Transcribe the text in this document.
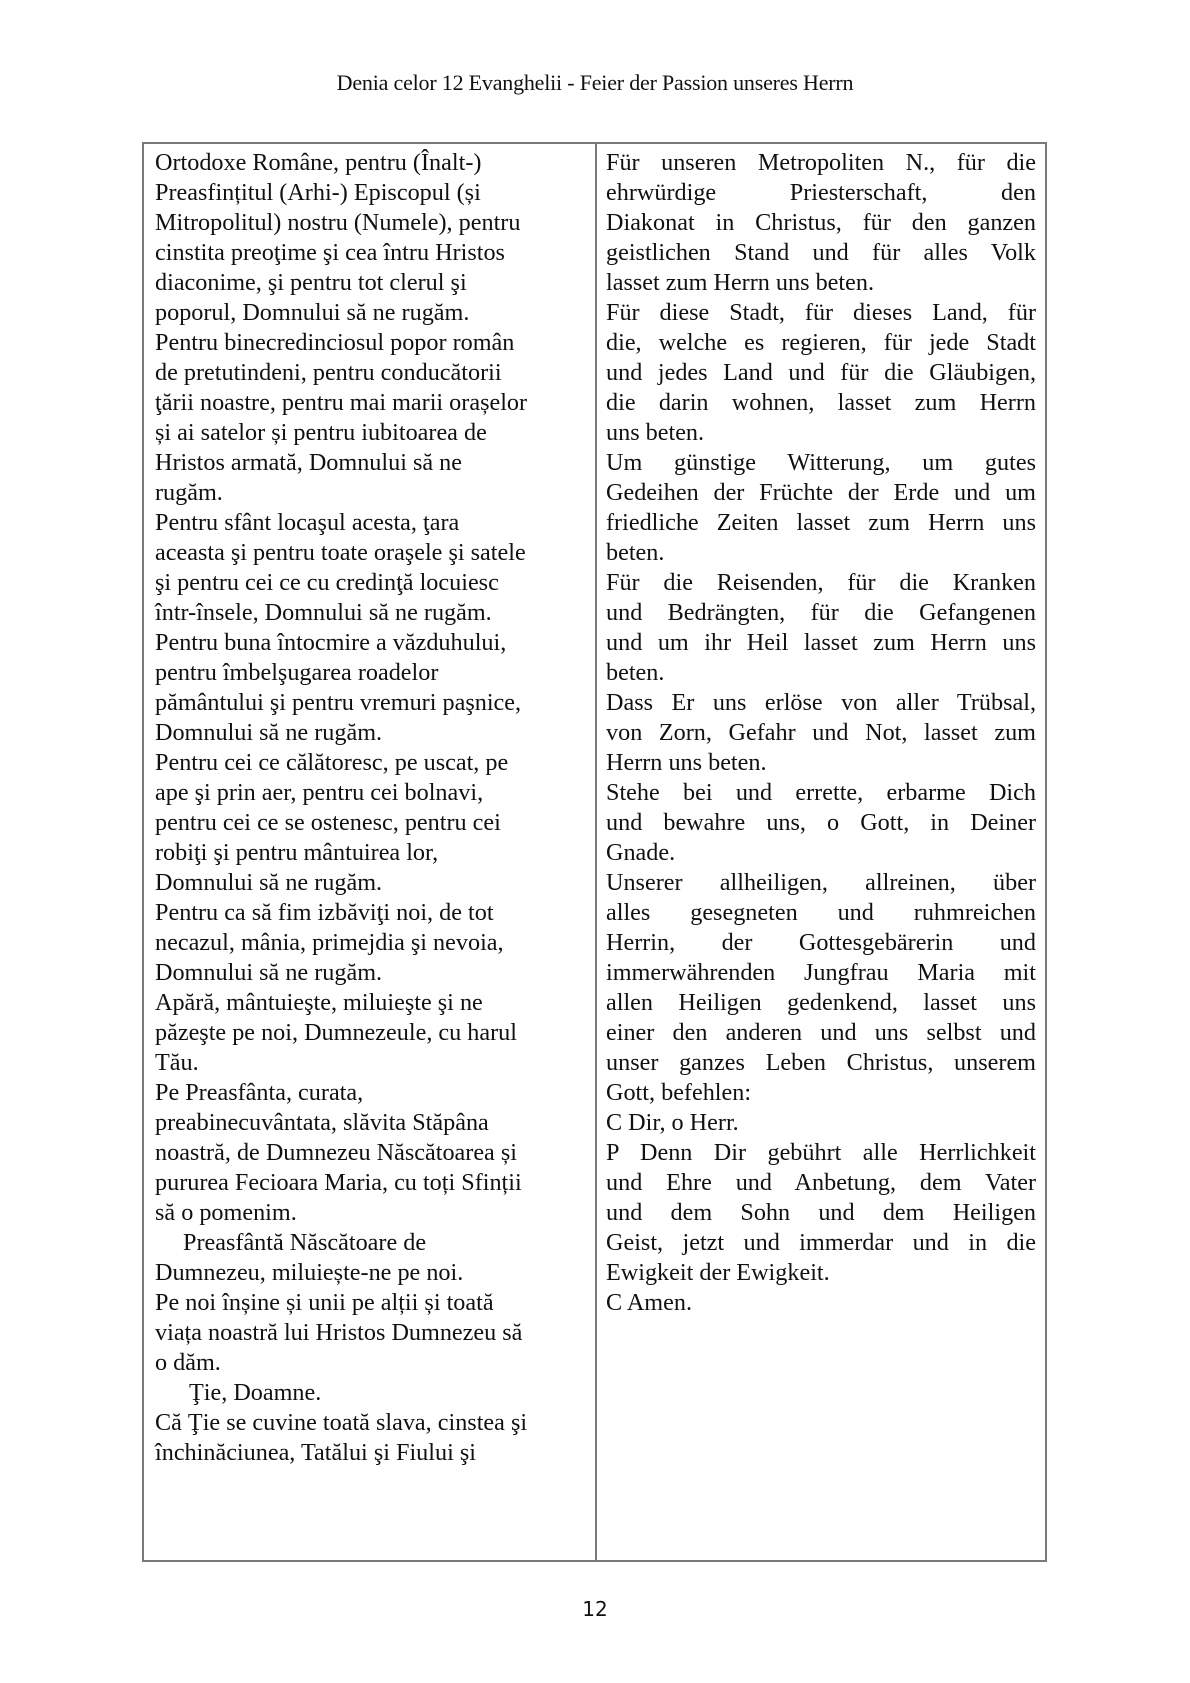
Denia celor 12 Evanghelii - Feier der Passion unseres Herrn
Ortodoxe Române, pentru (Înalt-)
Preasfințitul (Arhi-) Episcopul (și
Mitropolitul) nostru (Numele), pentru
cinstita preoţime şi cea întru Hristos
diaconime, şi pentru tot clerul şi
poporul, Domnului să ne rugăm.
Pentru binecredinciosul popor român
de pretutindeni, pentru conducătorii
ţării noastre, pentru mai marii orașelor
și ai satelor și pentru iubitoarea de
Hristos armată, Domnului să ne
rugăm.
Pentru sfânt locaşul acesta, ţara
aceasta şi pentru toate oraşele şi satele
şi pentru cei ce cu credinţă locuiesc
într-însele, Domnului să ne rugăm.
Pentru buna întocmire a văzduhului,
pentru îmbelşugarea roadelor
pământului şi pentru vremuri paşnice,
Domnului să ne rugăm.
Pentru cei ce călătoresc, pe uscat, pe
ape şi prin aer, pentru cei bolnavi,
pentru cei ce se ostenesc, pentru cei
robiţi şi pentru mântuirea lor,
Domnului să ne rugăm.
Pentru ca să fim izbăviţi noi, de tot
necazul, mânia, primejdia şi nevoia,
Domnului să ne rugăm.
Apără, mântuieşte, miluieşte şi ne
păzeşte pe noi, Dumnezeule, cu harul
Tău.
Pe Preasfânta, curata,
preabinecuvântata, slăvita Stăpâna
noastră, de Dumnezeu Născătoarea și
pururea Fecioara Maria, cu toți Sfinții
să o pomenim.
Preasfântă Născătoare de
Dumnezeu, miluiește-ne pe noi.
Pe noi înșine și unii pe alții și toată
viața noastră lui Hristos Dumnezeu să
o dăm.
Ţie, Doamne.
Că Ţie se cuvine toată slava, cinstea şi
închinăciunea, Tatălui şi Fiului şi
Für unseren Metropoliten N., für die
ehrwürdige Priesterschaft, den
Diakonat in Christus, für den ganzen
geistlichen Stand und für alles Volk
lasset zum Herrn uns beten.
Für diese Stadt, für dieses Land, für
die, welche es regieren, für jede Stadt
und jedes Land und für die Gläubigen,
die darin wohnen, lasset zum Herrn
uns beten.
Um günstige Witterung, um gutes
Gedeihen der Früchte der Erde und um
friedliche Zeiten lasset zum Herrn uns
beten.
Für die Reisenden, für die Kranken
und Bedrängten, für die Gefangenen
und um ihr Heil lasset zum Herrn uns
beten.
Dass Er uns erlöse von aller Trübsal,
von Zorn, Gefahr und Not, lasset zum
Herrn uns beten.
Stehe bei und errette, erbarme Dich
und bewahre uns, o Gott, in Deiner
Gnade.
Unserer allheiligen, allreinen, über
alles gesegneten und ruhmreichen
Herrin, der Gottesgebärerin und
immerwährenden Jungfrau Maria mit
allen Heiligen gedenkend, lasset uns
einer den anderen und uns selbst und
unser ganzes Leben Christus, unserem
Gott, befehlen:
C Dir, o Herr.
P Denn Dir gebührt alle Herrlichkeit
und Ehre und Anbetung, dem Vater
und dem Sohn und dem Heiligen
Geist, jetzt und immerdar und in die
Ewigkeit der Ewigkeit.
C Amen.
12
